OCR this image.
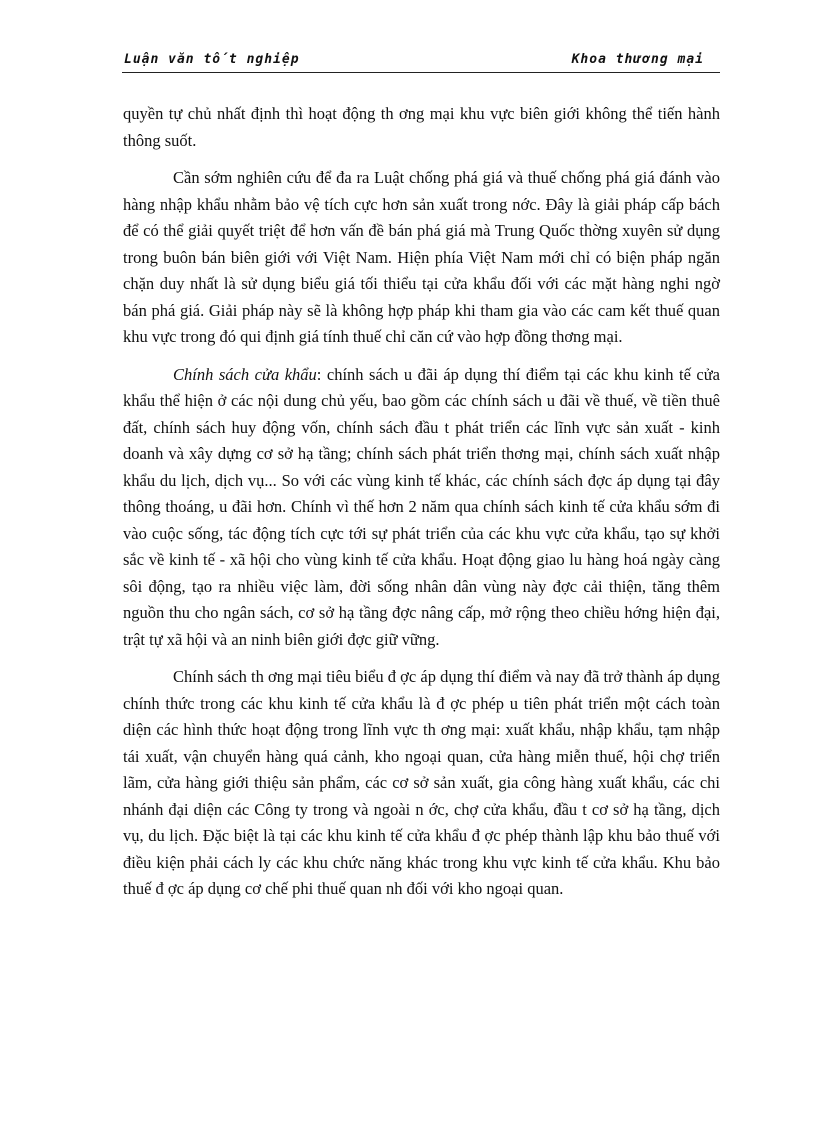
Luận văn tốt nghiệp	Khoa thương mại

quyền tự chủ nhất định thì hoạt động th ơng mại khu vực biên giới không thể tiến hành thông suốt.

Cần sớm nghiên cứu để đa ra Luật chống phá giá và thuế chống phá giá đánh vào hàng nhập khẩu nhằm bảo vệ tích cực hơn sản xuất trong nớc. Đây là giải pháp cấp bách để có thể giải quyết triệt để hơn vấn đề bán phá giá mà Trung Quốc thờng xuyên sử dụng trong buôn bán biên giới với Việt Nam. Hiện phía Việt Nam mới chỉ có biện pháp ngăn chặn duy nhất là sử dụng biểu giá tối thiểu tại cửa khẩu đối với các mặt hàng nghi ngờ bán phá giá. Giải pháp này sẽ là không hợp pháp khi tham gia vào các cam kết thuế quan khu vực trong đó qui định giá tính thuế chỉ căn cứ vào hợp đồng thơng mại.

Chính sách cửa khẩu: chính sách u đãi áp dụng thí điểm tại các khu kinh tế cửa khẩu thể hiện ở các nội dung chủ yếu, bao gồm các chính sách u đãi về thuế, về tiền thuê đất, chính sách huy động vốn, chính sách đầu t phát triển các lĩnh vực sản xuất - kinh doanh và xây dựng cơ sở hạ tầng; chính sách phát triển thơng mại, chính sách xuất nhập khẩu du lịch, dịch vụ... So với các vùng kinh tế khác, các chính sách đợc áp dụng tại đây thông thoáng, u đãi hơn. Chính vì thế hơn 2 năm qua chính sách kinh tế cửa khẩu sớm đi vào cuộc sống, tác động tích cực tới sự phát triển của các khu vực cửa khẩu, tạo sự khởi sắc về kinh tế - xã hội cho vùng kinh tế cửa khẩu. Hoạt động giao lu hàng hoá ngày càng sôi động, tạo ra nhiều việc làm, đời sống nhân dân vùng này đợc cải thiện, tăng thêm nguồn thu cho ngân sách, cơ sở hạ tầng đợc nâng cấp, mở rộng theo chiều hớng hiện đại, trật tự xã hội và an ninh biên giới đợc giữ vững.

Chính sách th ơng mại tiêu biểu đ ợc áp dụng thí điểm và nay đã trở thành áp dụng chính thức trong các khu kinh tế cửa khẩu là đ ợc phép u tiên phát triển một cách toàn diện các hình thức hoạt động trong lĩnh vực th ơng mại: xuất khẩu, nhập khẩu, tạm nhập tái xuất, vận chuyển hàng quá cảnh, kho ngoại quan, cửa hàng miễn thuế, hội chợ triển lãm, cửa hàng giới thiệu sản phẩm, các cơ sở sản xuất, gia công hàng xuất khẩu, các chi nhánh đại diện các Công ty trong và ngoài n ớc, chợ cửa khẩu, đầu t cơ sở hạ tầng, dịch vụ, du lịch. Đặc biệt là tại các khu kinh tế cửa khẩu đ ợc phép thành lập khu bảo thuế với điều kiện phải cách ly các khu chức năng khác trong khu vực kinh tế cửa khẩu. Khu bảo thuế đ ợc áp dụng cơ chế phi thuế quan nh đối với kho ngoại quan.
